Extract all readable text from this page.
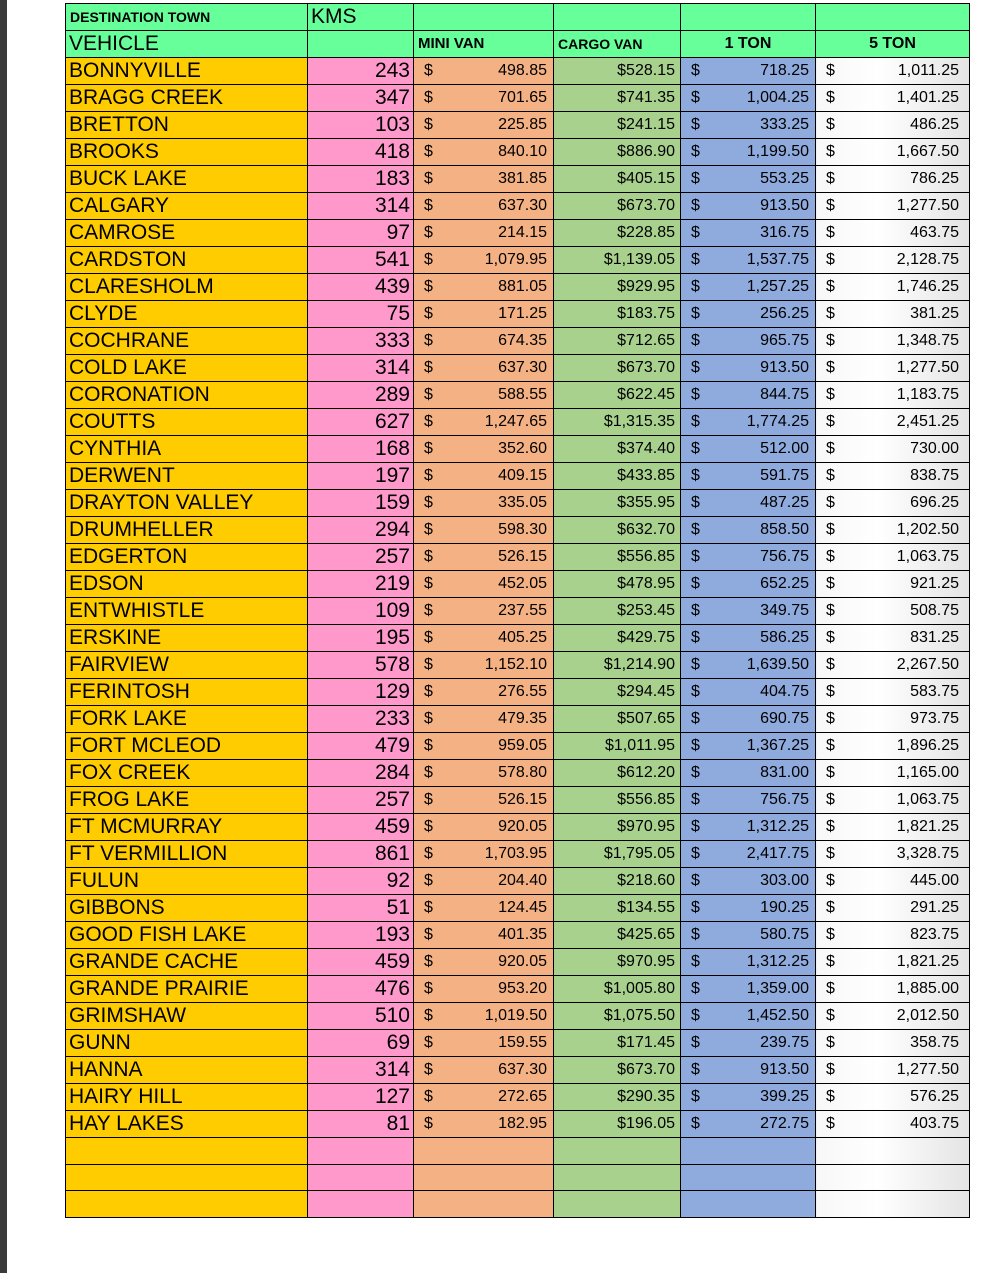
DESTINATION TOWN	KMS				
VEHICLE		MINI VAN	CARGO VAN	1 TON	5 TON
BONNYVILLE	243	$ 498.85	$528.15	$ 718.25	$ 1,011.25

BRAGG CREEK	347	$ 701.65	$741.35	$ 1,004.25	$ 1,401.25

BRETTON	103	$ 225.85	$241.15	$ 333.25	$ 486.25

BROOKS	418	$ 840.10	$886.90	$ 1,199.50	$ 1,667.50

BUCK LAKE	183	$ 381.85	$405.15	$ 553.25	$ 786.25

CALGARY	314	$ 637.30	$673.70	$ 913.50	$ 1,277.50

CAMROSE	97	$ 214.15	$228.85	$ 316.75	$ 463.75

CARDSTON	541	$ 1,079.95	$1,139.05	$ 1,537.75	$ 2,128.75

CLARESHOLM	439	$ 881.05	$929.95	$ 1,257.25	$ 1,746.25

CLYDE	75	$ 171.25	$183.75	$ 256.25	$ 381.25

COCHRANE	333	$ 674.35	$712.65	$ 965.75	$ 1,348.75

COLD LAKE	314	$ 637.30	$673.70	$ 913.50	$ 1,277.50

CORONATION	289	$ 588.55	$622.45	$ 844.75	$ 1,183.75

COUTTS	627	$ 1,247.65	$1,315.35	$ 1,774.25	$ 2,451.25

CYNTHIA	168	$ 352.60	$374.40	$ 512.00	$ 730.00

DERWENT	197	$ 409.15	$433.85	$ 591.75	$ 838.75

DRAYTON VALLEY	159	$ 335.05	$355.95	$ 487.25	$ 696.25

DRUMHELLER	294	$ 598.30	$632.70	$ 858.50	$ 1,202.50

EDGERTON	257	$ 526.15	$556.85	$ 756.75	$ 1,063.75

EDSON	219	$ 452.05	$478.95	$ 652.25	$ 921.25

ENTWHISTLE	109	$ 237.55	$253.45	$ 349.75	$ 508.75

ERSKINE	195	$ 405.25	$429.75	$ 586.25	$ 831.25

FAIRVIEW	578	$ 1,152.10	$1,214.90	$ 1,639.50	$ 2,267.50

FERINTOSH	129	$ 276.55	$294.45	$ 404.75	$ 583.75

FORK LAKE	233	$ 479.35	$507.65	$ 690.75	$ 973.75

FORT MCLEOD	479	$ 959.05	$1,011.95	$ 1,367.25	$ 1,896.25

FOX CREEK	284	$ 578.80	$612.20	$ 831.00	$ 1,165.00

FROG LAKE	257	$ 526.15	$556.85	$ 756.75	$ 1,063.75

FT MCMURRAY	459	$ 920.05	$970.95	$ 1,312.25	$ 1,821.25

FT VERMILLION	861	$ 1,703.95	$1,795.05	$ 2,417.75	$ 3,328.75

FULUN	92	$ 204.40	$218.60	$ 303.00	$ 445.00

GIBBONS	51	$ 124.45	$134.55	$ 190.25	$ 291.25

GOOD FISH LAKE	193	$ 401.35	$425.65	$ 580.75	$ 823.75

GRANDE CACHE	459	$ 920.05	$970.95	$ 1,312.25	$ 1,821.25

GRANDE PRAIRIE	476	$ 953.20	$1,005.80	$ 1,359.00	$ 1,885.00

GRIMSHAW	510	$ 1,019.50	$1,075.50	$ 1,452.50	$ 2,012.50

GUNN	69	$ 159.55	$171.45	$ 239.75	$ 358.75

HANNA	314	$ 637.30	$673.70	$ 913.50	$ 1,277.50

HAIRY HILL	127	$ 272.65	$290.35	$ 399.25	$ 576.25

HAY LAKES	81	$ 182.95	$196.05	$ 272.75	$ 403.75
